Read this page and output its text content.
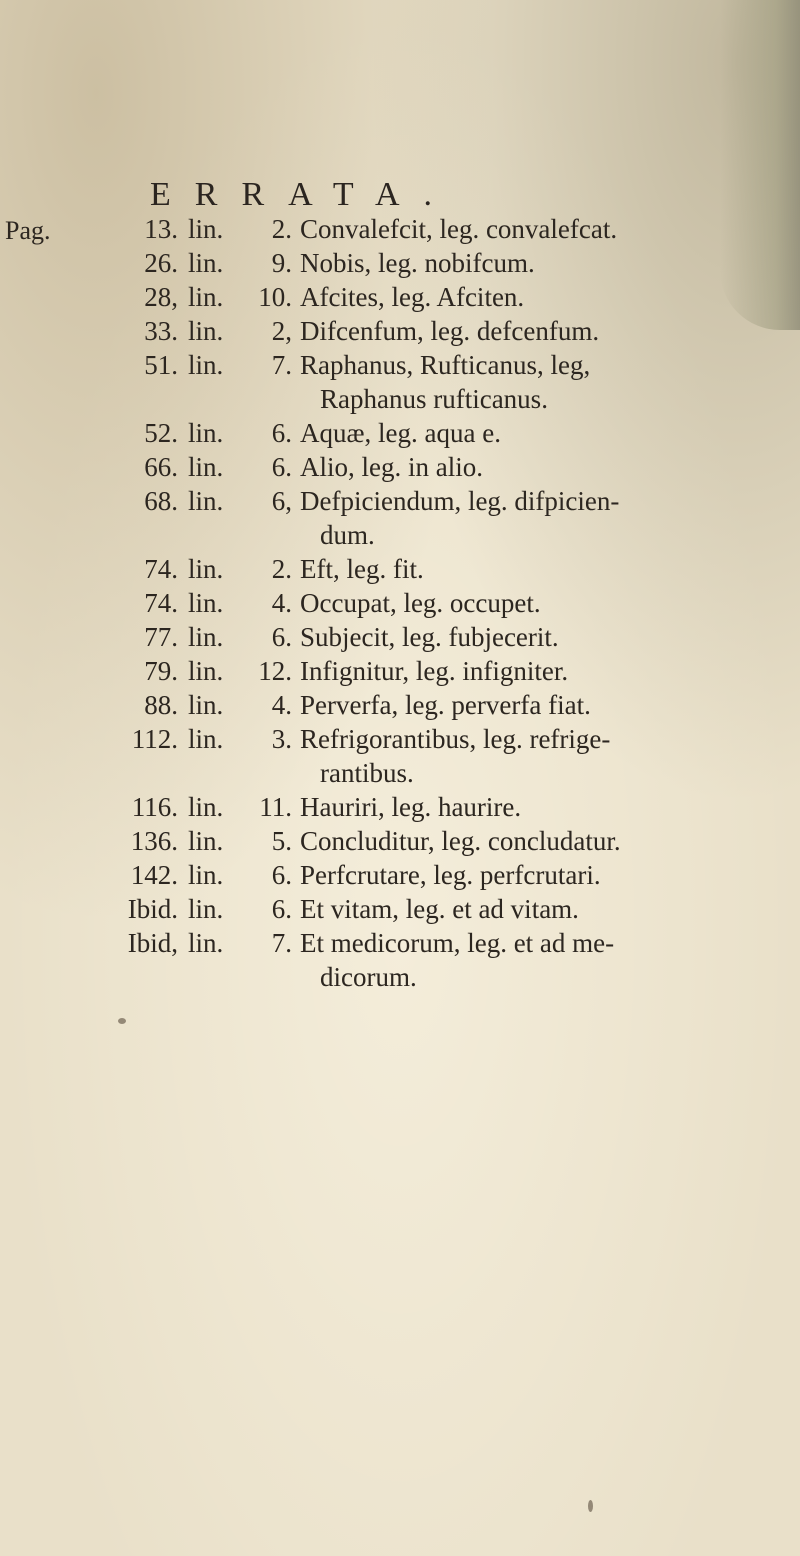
ERRATA.
Pag.	13. lin.	2. Convalefcit, leg. convalefcat.
26. lin.	9. Nobis, leg. nobifcum.
28, lin.	10. Afcites, leg. Afciten.
33. lin.	2, Difcenfum, leg. defcenfum.
51. lin.	7. Raphanus, Rufticanus, leg,
Raphanus rufticanus.
52. lin.	6. Aquæ, leg. aqua e.
66. lin.	6. Alio, leg. in alio.
68. lin.	6, Defpiciendum, leg. difpicien-
dum.
74. lin.	2. Eft, leg. fit.
74. lin.	4. Occupat, leg. occupet.
77. lin.	6. Subjecit, leg. fubjecerit.
79. lin.	12. Infignitur, leg. infigniter.
88. lin.	4. Perverfa, leg. perverfa fiat.
112. lin.	3. Refrigorantibus, leg. refrige-
rantibus.
116. lin.	11. Hauriri, leg. haurire.
136. lin.	5. Concluditur, leg. concludatur.
142. lin.	6. Perfcrutare, leg. perfcrutari.
Ibid. lin.	6. Et vitam, leg. et ad vitam.
Ibid, lin.	7. Et medicorum, leg. et ad me-
dicorum.
